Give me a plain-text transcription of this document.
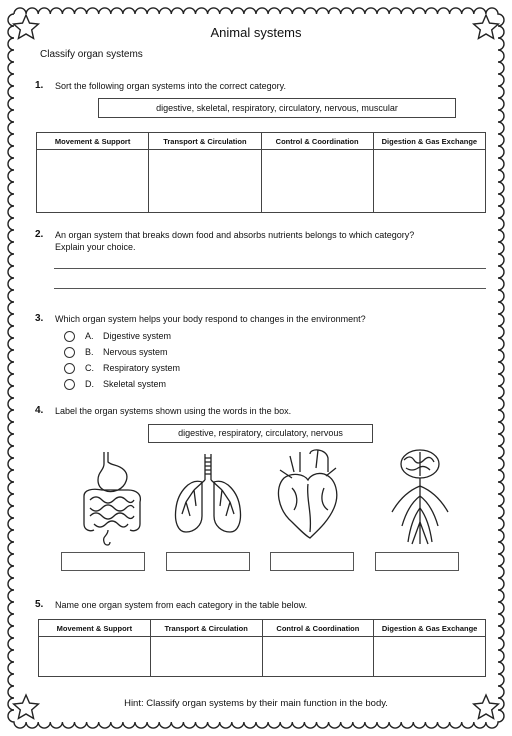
Animal systems
Classify organ systems
1. Sort the following organ systems into the correct category.
digestive, skeletal, respiratory, circulatory, nervous, muscular
Movement & Support	Transport & Circulation	Control & Coordination	Digestion & Gas Exchange

2. An organ system that breaks down food and absorbs nutrients belongs to which category?
Explain your choice.
3. Which organ system helps your body respond to changes in the environment?
A.	Digestive system
B.	Nervous system
C.	Respiratory system
D.	Skeletal system
4. Label the organ systems shown using the words in the box.
digestive, respiratory, circulatory, nervous
5. Name one organ system from each category in the table below.
Movement & Support	Transport & Circulation	Control & Coordination	Digestion & Gas Exchange

Hint: Classify organ systems by their main function in the body.
